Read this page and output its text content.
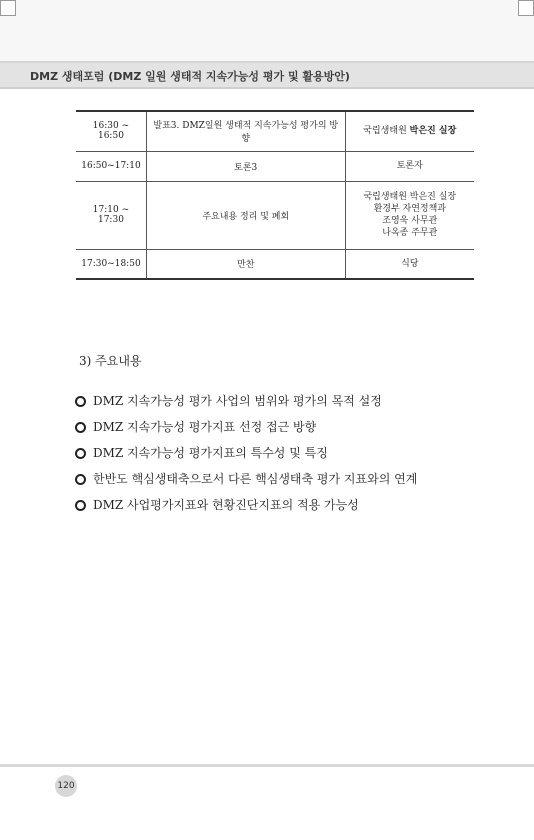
DMZ 생태포럼 (DMZ 일원 생태적 지속가능성 평가 및 활용방안)
16:30 ~ 16:50	발표3. DMZ일원 생태적 지속가능성 평가의 방향	국립생태원 박은진 실장
16:50~17:10	토론3	토론자
17:10 ~ 17:30	주요내용 정리 및 폐회	국립생태원 박은진 실장
환경부 자연정책과
조영욱 사무관
나옥종 주무관

17:30~18:50	만찬	식당
3) 주요내용
DMZ 지속가능성 평가 사업의 범위와 평가의 목적 설정
DMZ 지속가능성 평가지표 선정 접근 방향
DMZ 지속가능성 평가지표의 특수성 및 특징
한반도 핵심생태축으로서 다른 핵심생태축 평가 지표와의 연계
DMZ 사업평가지표와 현황진단지표의 적용 가능성
120
